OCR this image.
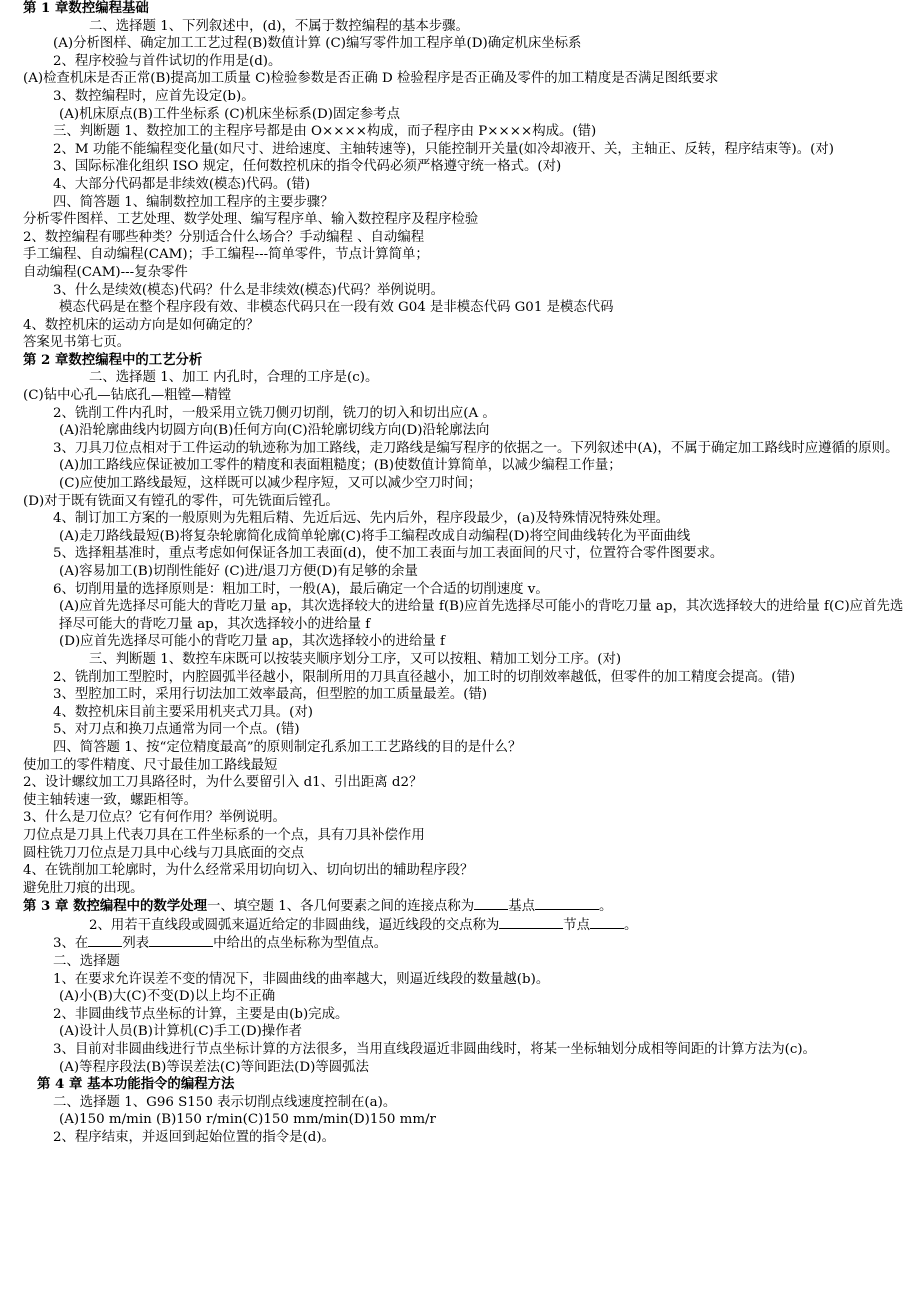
第 1 章数控编程基础
二、选择题 1、下列叙述中，(d)，不属于数控编程的基本步骤。
(A)分析图样、确定加工工艺过程(B)数值计算 (C)编写零件加工程序单(D)确定机床坐标系
2、程序校验与首件试切的作用是(d)。
(A)检查机床是否正常(B)提高加工质量 C)检验参数是否正确 D 检验程序是否正确及零件的加工精度是否满足图纸要求
3、数控编程时，应首先设定(b)。
(A)机床原点(B)工件坐标系 (C)机床坐标系(D)固定参考点
三、判断题 1、数控加工的主程序号都是由 O××××构成，而子程序由 P××××构成。(错)
2、M 功能不能编程变化量(如尺寸、进给速度、主轴转速等)，只能控制开关量(如冷却液开、关，主轴正、反转，程序结束等)。(对)
3、国际标准化组织 ISO 规定，任何数控机床的指令代码必须严格遵守统一格式。(对)
4、大部分代码都是非续效(模态)代码。(错)
四、简答题 1、编制数控加工程序的主要步骤？
分析零件图样、工艺处理、数学处理、编写程序单、输入数控程序及程序检验
2、数控编程有哪些种类？分别适合什么场合？手动编程 、自动编程
手工编程、自动编程(CAM)；手工编程---简单零件，节点计算简单；
自动编程(CAM)---复杂零件
3、什么是续效(模态)代码？什么是非续效(模态)代码？举例说明。
模态代码是在整个程序段有效、非模态代码只在一段有效 G04 是非模态代码 G01 是模态代码
4、数控机床的运动方向是如何确定的？
答案见书第七页。
第 2 章数控编程中的工艺分析
二、选择题 1、加工 内孔时，合理的工序是(c)。
(C)钻中心孔—钻底孔—粗镗—精镗
2、铣削工件内孔时，一般采用立铣刀侧刃切削，铣刀的切入和切出应(A 。
(A)沿轮廓曲线内切圆方向(B)任何方向(C)沿轮廓切线方向(D)沿轮廓法向
3、刀具刀位点相对于工件运动的轨迹称为加工路线，走刀路线是编写程序的依据之一。下列叙述中(A)，不属于确定加工路线时应遵循的原则。
(A)加工路线应保证被加工零件的精度和表面粗糙度；(B)使数值计算简单，以减少编程工作量；
(C)应使加工路线最短，这样既可以减少程序短，又可以减少空刀时间；
(D)对于既有铣面又有镗孔的零件，可先铣面后镗孔。
4、制订加工方案的一般原则为先粗后精、先近后远、先内后外，程序段最少，(a)及特殊情况特殊处理。
(A)走刀路线最短(B)将复杂轮廓简化成简单轮廓(C)将手工编程改成自动编程(D)将空间曲线转化为平面曲线
5、选择粗基准时，重点考虑如何保证各加工表面(d)，使不加工表面与加工表面间的尺寸，位置符合零件图要求。
(A)容易加工(B)切削性能好 (C)进/退刀方便(D)有足够的余量
6、切削用量的选择原则是：粗加工时，一般(A)，最后确定一个合适的切削速度 v。
(A)应首先选择尽可能大的背吃刀量 ap，其次选择较大的进给量 f(B)应首先选择尽可能小的背吃刀量 ap，其次选择较大的进给量 f(C)应首先选择尽可能大的背吃刀量 ap，其次选择较小的进给量 f
(D)应首先选择尽可能小的背吃刀量 ap，其次选择较小的进给量 f
三、判断题 1、数控车床既可以按装夹顺序划分工序，又可以按粗、精加工划分工序。(对)
2、铣削加工型腔时，内腔圆弧半径越小，限制所用的刀具直径越小，加工时的切削效率越低，但零件的加工精度会提高。(错)
3、型腔加工时，采用行切法加工效率最高，但型腔的加工质量最差。(错)
4、数控机床目前主要采用机夹式刀具。(对)
5、对刀点和换刀点通常为同一个点。(错)
四、简答题 1、按“定位精度最高”的原则制定孔系加工工艺路线的目的是什么？
使加工的零件精度、尺寸最佳加工路线最短
2、设计螺纹加工刀具路径时，为什么要留引入 d1、引出距离 d2？
使主轴转速一致，螺距相等。
3、什么是刀位点？它有何作用？举例说明。
刀位点是刀具上代表刀具在工件坐标系的一个点，具有刀具补偿作用
圆柱铣刀刀位点是刀具中心线与刀具底面的交点
4、在铣削加工轮廓时，为什么经常采用切向切入、切向切出的辅助程序段？
避免肚刀痕的出现。
第 3 章 数控编程中的数学处理一、填空题 1、各几何要素之间的连接点称为	基点	。
2、用若干直线段或圆弧来逼近给定的非圆曲线，逼近线段的交点称为	节点	。
3、在	列表	中给出的点坐标称为型值点。
二、选择题
1、在要求允许误差不变的情况下，非圆曲线的曲率越大，则逼近线段的数量越(b)。
(A)小(B)大(C)不变(D)以上均不正确
2、非圆曲线节点坐标的计算，主要是由(b)完成。
(A)设计人员(B)计算机(C)手工(D)操作者
3、目前对非圆曲线进行节点坐标计算的方法很多，当用直线段逼近非圆曲线时，将某一坐标轴划分成相等间距的计算方法为(c)。
(A)等程序段法(B)等误差法(C)等间距法(D)等圆弧法
第 4 章 基本功能指令的编程方法
二、选择题 1、G96 S150 表示切削点线速度控制在(a)。
(A)150 m/min (B)150 r/min(C)150 mm/min(D)150 mm/r
2、程序结束，并返回到起始位置的指令是(d)。
